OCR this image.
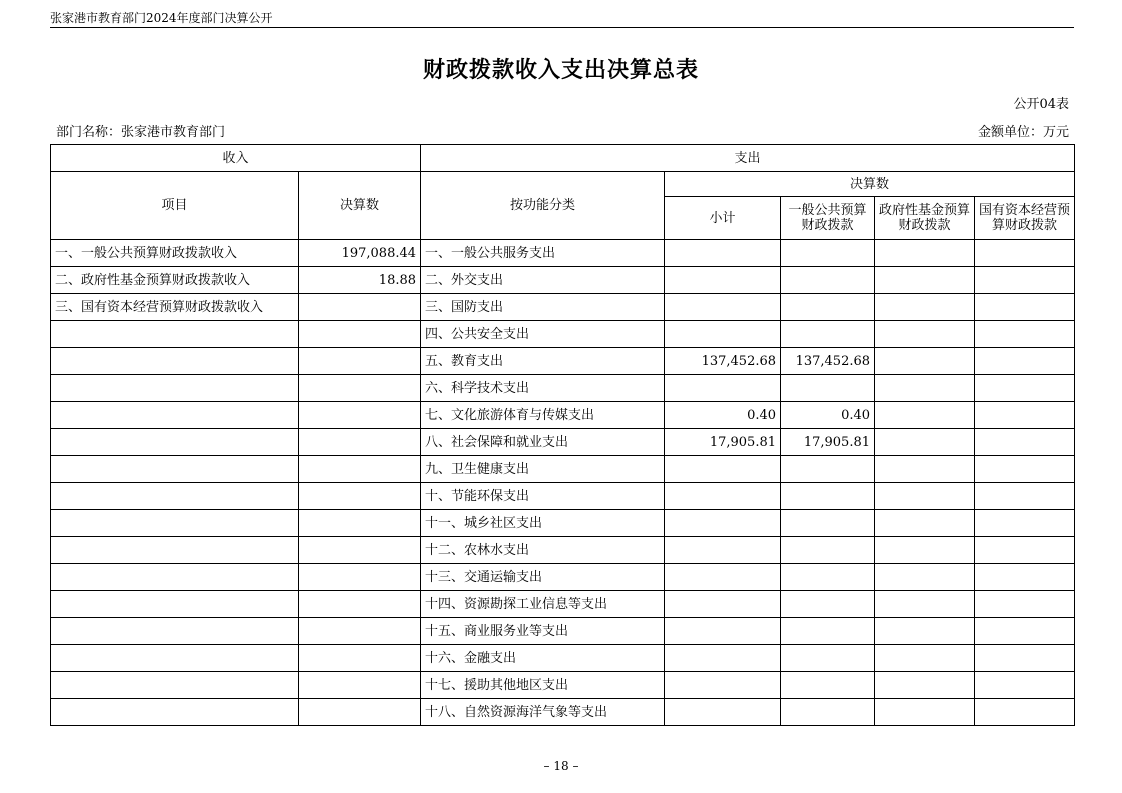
张家港市教育部门2024年度部门决算公开
财政拨款收入支出决算总表
公开04表
部门名称：张家港市教育部门	金额单位：万元
收入		支出				
项目	决算数	按功能分类	决算数			
			小计	一般公共预算财政拨款	政府性基金预算财政拨款	国有资本经营预算财政拨款
一、一般公共预算财政拨款收入	197,088.44	一、一般公共服务支出				
二、政府性基金预算财政拨款收入	18.88	二、外交支出				
三、国有资本经营预算财政拨款收入		三、国防支出				
		四、公共安全支出				
		五、教育支出	137,452.68	137,452.68		
		六、科学技术支出				
		七、文化旅游体育与传媒支出	0.40	0.40		
		八、社会保障和就业支出	17,905.81	17,905.81		
		九、卫生健康支出				
		十、节能环保支出				
		十一、城乡社区支出				
		十二、农林水支出				
		十三、交通运输支出				
		十四、资源勘探工业信息等支出				
		十五、商业服务业等支出				
		十六、金融支出				
		十七、援助其他地区支出				
		十八、自然资源海洋气象等支出				
– 18 –
